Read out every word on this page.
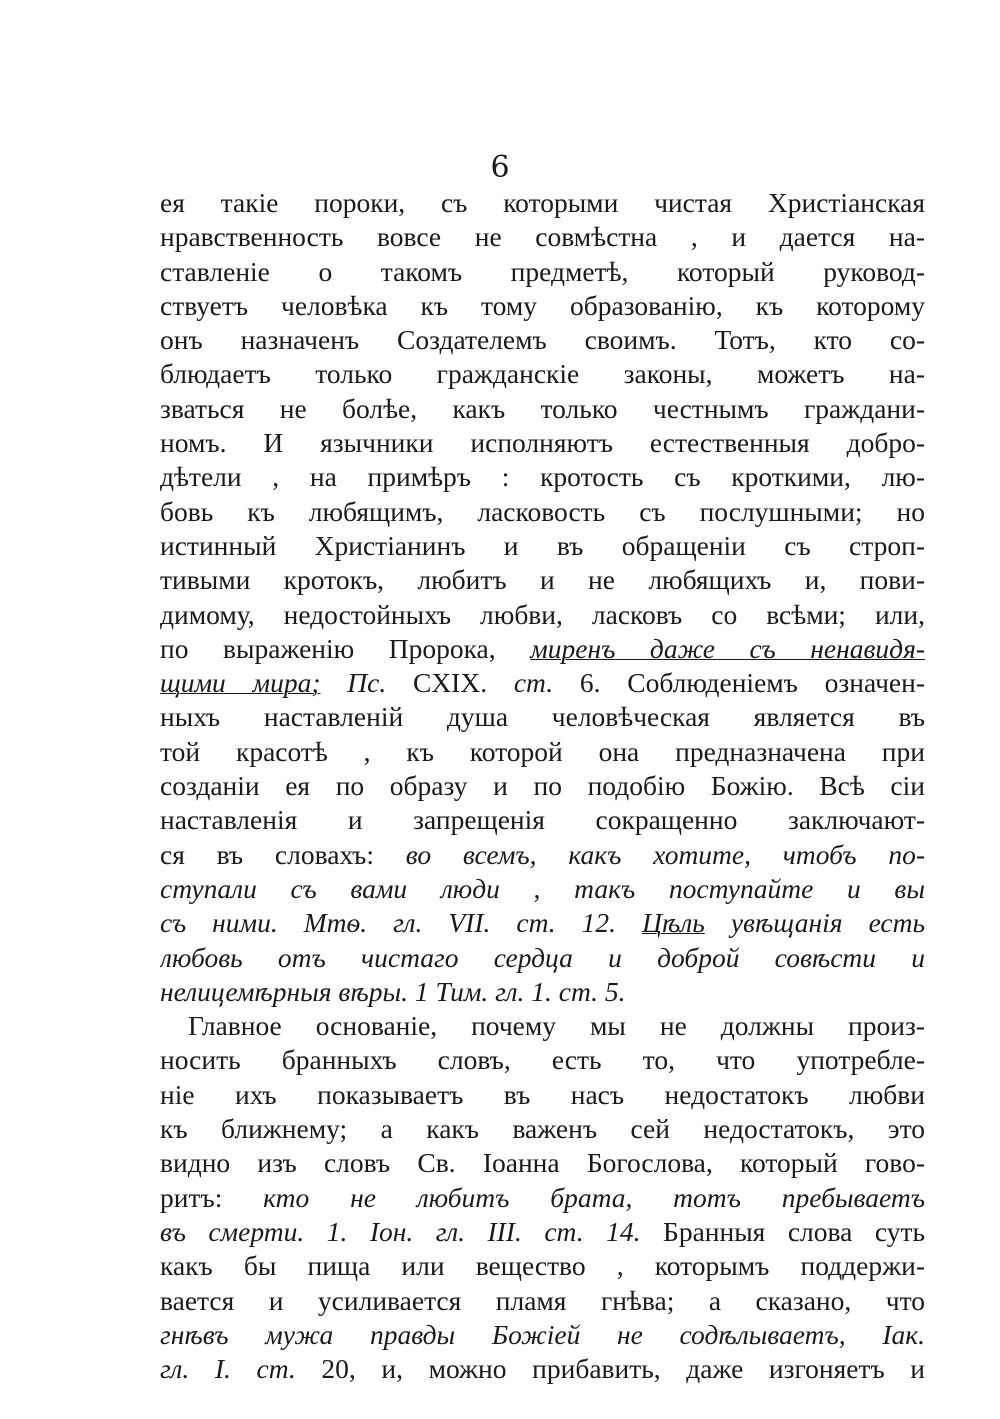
6
ея такіе пороки, съ которыми чистая Христіанская
нравственность вовсе не совмѣстна , и дается на-
ставленіе о такомъ предметѣ, который руковод-
ствуетъ человѣка къ тому образованію, къ которому
онъ назначенъ Создателемъ своимъ. Тотъ, кто со-
блюдаетъ только гражданскіе законы, можетъ на-
зваться не болѣе, какъ только честнымъ граждани-
номъ. И язычники исполняютъ естественныя добро-
дѣтели , на примѣръ : кротость съ кроткими, лю-
бовь къ любящимъ, ласковость съ послушными; но
истинный Христіанинъ и въ обращеніи съ строп-
тивыми кротокъ, любитъ и не любящихъ и, пови-
димому, недостойныхъ любви, ласковъ со всѣми; или,
по выраженію Пророка, миренъ даже съ ненавидя-
щими мира; Пс. CXIX. ст. 6. Соблюденіемъ означен-
ныхъ наставленій душа человѣческая является въ
той красотѣ , къ которой она предназначена при
созданіи ея по образу и по подобію Божію. Всѣ сіи
наставленія и запрещенія сокращенно заключают-
ся въ словахъ: во всемъ, какъ хотите, чтобъ по-
ступали съ вами люди , такъ поступайте и вы
съ ними. Мтѳ. гл. VII. ст. 12. Цѣль увѣщанія есть
любовь отъ чистаго сердца и доброй совѣсти и
нелицемѣрныя вѣры. 1 Тим. гл. 1. ст. 5.
Главное основаніе, почему мы не должны произ-
носить бранныхъ словъ, есть то, что употребле-
ніе ихъ показываетъ въ насъ недостатокъ любви
къ ближнему; а какъ важенъ сей недостатокъ, это
видно изъ словъ Св. Іоанна Богослова, который гово-
ритъ: кто не любитъ брата, тотъ пребываетъ
въ смерти. 1. Іон. гл. III. ст. 14. Бранныя слова суть
какъ бы пища или вещество , которымъ поддержи-
вается и усиливается пламя гнѣва; а сказано, что
гнѣвъ мужа правды Божіей не содѣлываетъ, Іак.
гл. I. ст. 20, и, можно прибавить, даже изгоняетъ и
